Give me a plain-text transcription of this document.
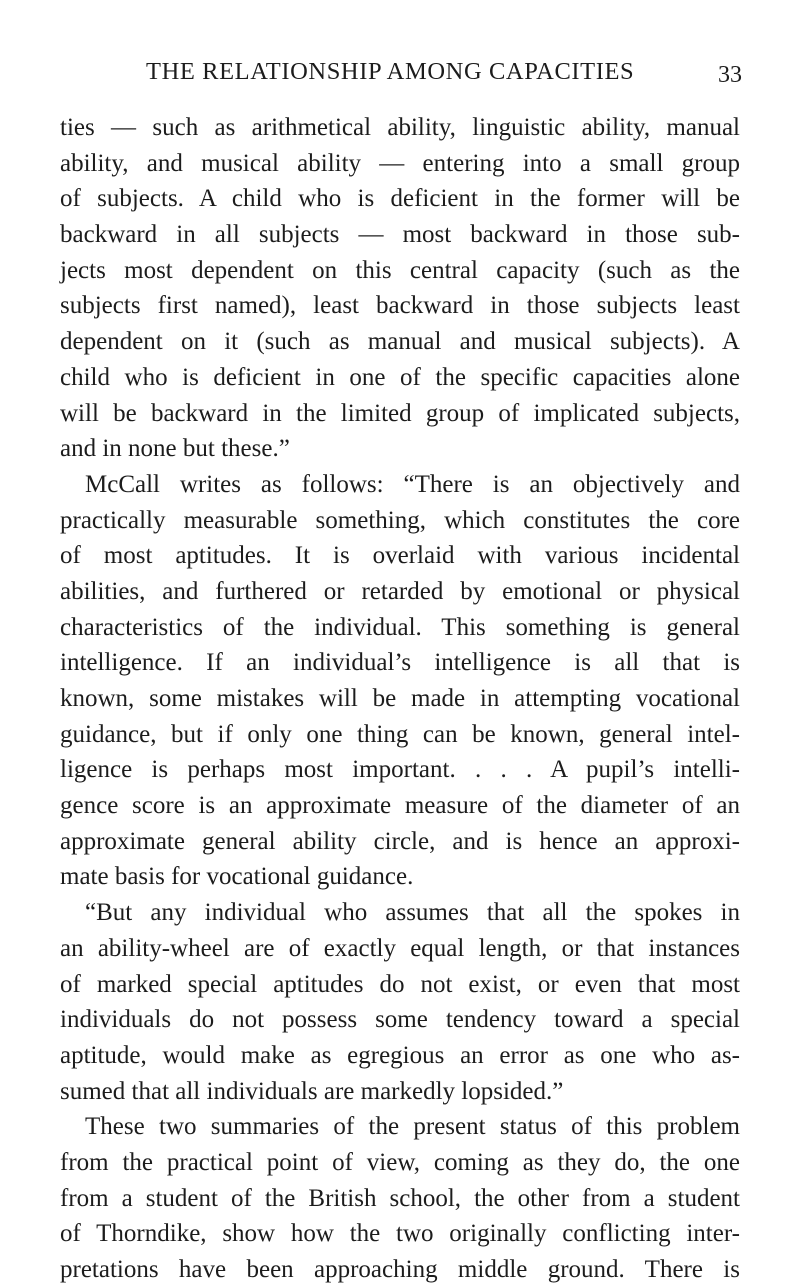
THE RELATIONSHIP AMONG CAPACITIES	33
ties — such as arithmetical ability, linguistic ability, manual
ability, and musical ability — entering into a small group
of subjects. A child who is deficient in the former will be
backward in all subjects — most backward in those sub-
jects most dependent on this central capacity (such as the
subjects first named), least backward in those subjects least
dependent on it (such as manual and musical subjects). A
child who is deficient in one of the specific capacities alone
will be backward in the limited group of implicated subjects,
and in none but these.”
McCall writes as follows: “There is an objectively and
practically measurable something, which constitutes the core
of most aptitudes. It is overlaid with various incidental
abilities, and furthered or retarded by emotional or physical
characteristics of the individual. This something is general
intelligence. If an individual’s intelligence is all that is
known, some mistakes will be made in attempting vocational
guidance, but if only one thing can be known, general intel-
ligence is perhaps most important. . . . A pupil’s intelli-
gence score is an approximate measure of the diameter of an
approximate general ability circle, and is hence an approxi-
mate basis for vocational guidance.
“But any individual who assumes that all the spokes in
an ability-wheel are of exactly equal length, or that instances
of marked special aptitudes do not exist, or even that most
individuals do not possess some tendency toward a special
aptitude, would make as egregious an error as one who as-
sumed that all individuals are markedly lopsided.”
These two summaries of the present status of this problem
from the practical point of view, coming as they do, the one
from a student of the British school, the other from a student
of Thorndike, show how the two originally conflicting inter-
pretations have been approaching middle ground. There is
